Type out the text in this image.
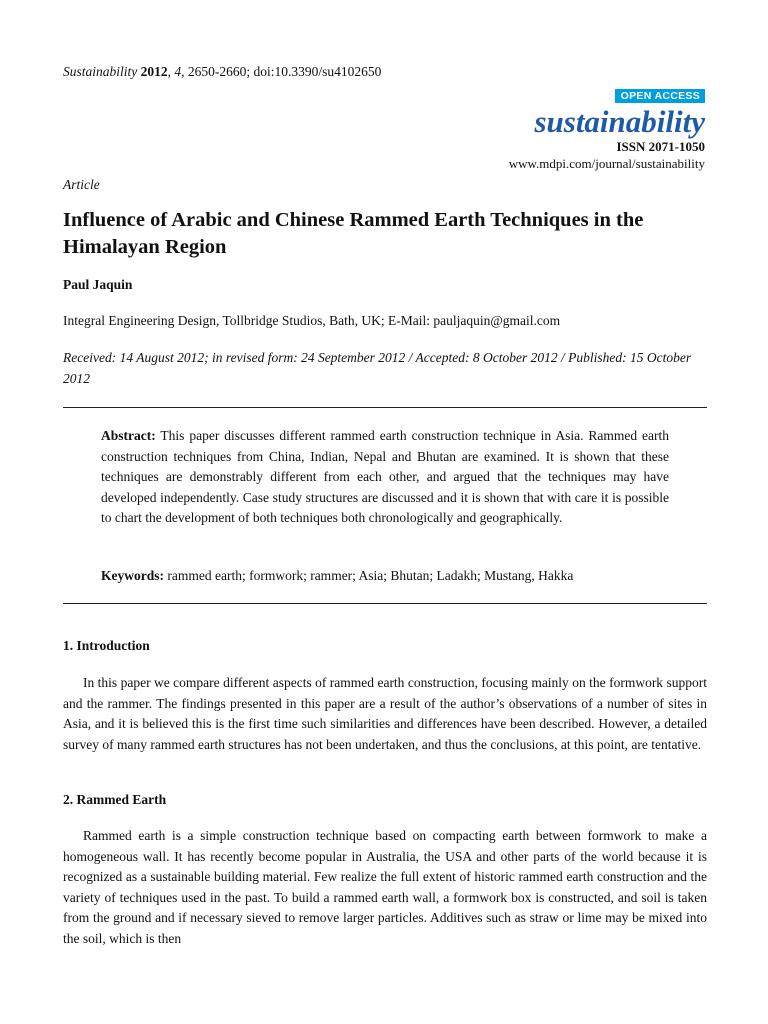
Sustainability 2012, 4, 2650-2660; doi:10.3390/su4102650
OPEN ACCESS
sustainability
ISSN 2071-1050
www.mdpi.com/journal/sustainability
Article
Influence of Arabic and Chinese Rammed Earth Techniques in the Himalayan Region
Paul Jaquin
Integral Engineering Design, Tollbridge Studios, Bath, UK; E-Mail: pauljaquin@gmail.com
Received: 14 August 2012; in revised form: 24 September 2012 / Accepted: 8 October 2012 / Published: 15 October 2012
Abstract: This paper discusses different rammed earth construction technique in Asia. Rammed earth construction techniques from China, Indian, Nepal and Bhutan are examined. It is shown that these techniques are demonstrably different from each other, and argued that the techniques may have developed independently. Case study structures are discussed and it is shown that with care it is possible to chart the development of both techniques both chronologically and geographically.
Keywords: rammed earth; formwork; rammer; Asia; Bhutan; Ladakh; Mustang, Hakka
1. Introduction
In this paper we compare different aspects of rammed earth construction, focusing mainly on the formwork support and the rammer. The findings presented in this paper are a result of the author’s observations of a number of sites in Asia, and it is believed this is the first time such similarities and differences have been described. However, a detailed survey of many rammed earth structures has not been undertaken, and thus the conclusions, at this point, are tentative.
2. Rammed Earth
Rammed earth is a simple construction technique based on compacting earth between formwork to make a homogeneous wall. It has recently become popular in Australia, the USA and other parts of the world because it is recognized as a sustainable building material. Few realize the full extent of historic rammed earth construction and the variety of techniques used in the past. To build a rammed earth wall, a formwork box is constructed, and soil is taken from the ground and if necessary sieved to remove larger particles. Additives such as straw or lime may be mixed into the soil, which is then
